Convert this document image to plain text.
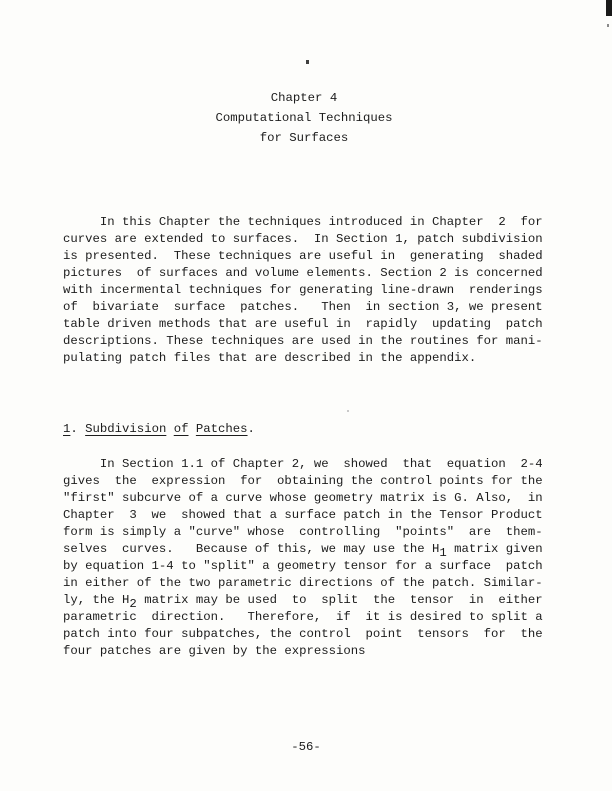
Chapter 4
Computational Techniques
for Surfaces
In this Chapter the techniques introduced in Chapter  2  for
curves are extended to surfaces.  In Section 1, patch subdivision
is presented.  These techniques are useful in  generating  shaded
pictures  of surfaces and volume elements. Section 2 is concerned
with incermental techniques for generating line-drawn  renderings
of  bivariate  surface  patches.   Then  in section 3, we present
table driven methods that are useful in  rapidly  updating  patch
descriptions. These techniques are used in the routines for mani-
pulating patch files that are described in the appendix.
1. Subdivision of Patches.
In Section 1.1 of Chapter 2, we  showed  that  equation  2-4
gives  the  expression  for  obtaining the control points for the
"first" subcurve of a curve whose geometry matrix is G. Also,  in
Chapter  3  we  showed that a surface patch in the Tensor Product
form is simply a "curve" whose  controlling  "points"  are  them-
selves  curves.   Because of this, we may use the H1 matrix given
by equation 1-4 to "split" a geometry tensor for a surface  patch
in either of the two parametric directions of the patch. Similar-
ly, the H2 matrix may be used  to  split  the  tensor  in  either
parametric  direction.   Therefore,  if  it is desired to split a
patch into four subpatches, the control  point  tensors  for  the
four patches are given by the expressions
-56-
